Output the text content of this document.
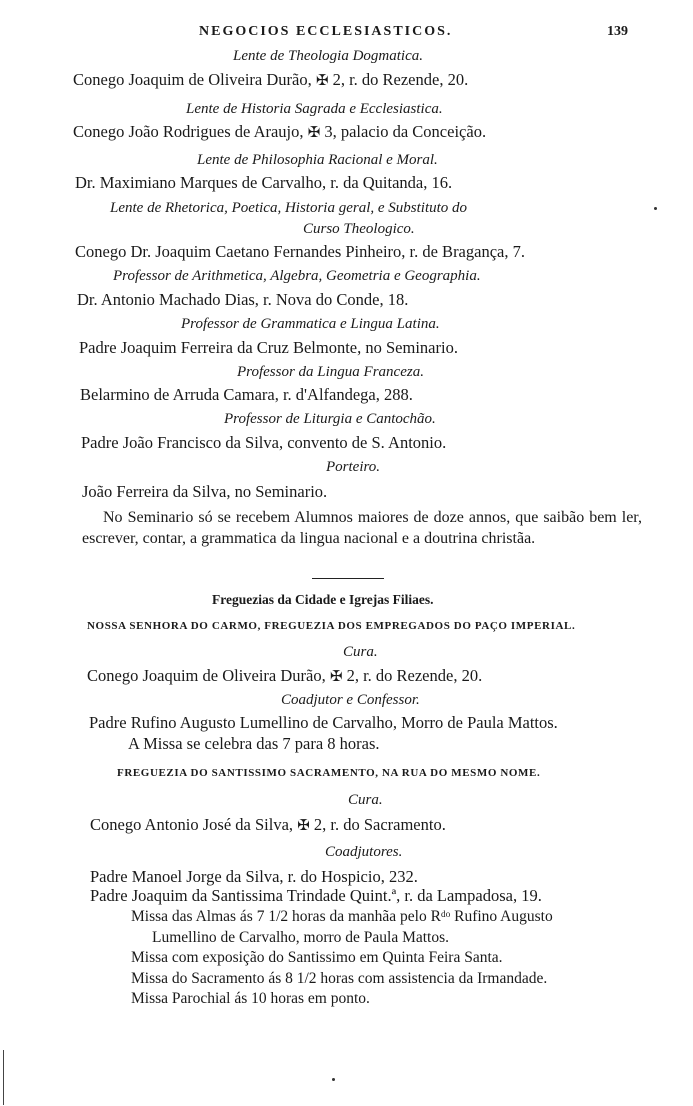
NEGOCIOS ECCLESIASTICOS.	139
Lente de Theologia Dogmatica.
Conego Joaquim de Oliveira Durão, ✠ 2, r. do Rezende, 20.
Lente de Historia Sagrada e Ecclesiastica.
Conego João Rodrigues de Araujo, ✠ 3, palacio da Conceição.
Lente de Philosophia Racional e Moral.
Dr. Maximiano Marques de Carvalho, r. da Quitanda, 16.
Lente de Rhetorica, Poetica, Historia geral, e Substituto do
Curso Theologico.
Conego Dr. Joaquim Caetano Fernandes Pinheiro, r. de Bragança, 7.
Professor de Arithmetica, Algebra, Geometria e Geographia.
Dr. Antonio Machado Dias, r. Nova do Conde, 18.
Professor de Grammatica e Lingua Latina.
Padre Joaquim Ferreira da Cruz Belmonte, no Seminario.
Professor da Lingua Franceza.
Belarmino de Arruda Camara, r. d'Alfandega, 288.
Professor de Liturgia e Cantochão.
Padre João Francisco da Silva, convento de S. Antonio.
Porteiro.
João Ferreira da Silva, no Seminario.
No Seminario só se recebem Alumnos maiores de doze annos, que saibão bem ler, escrever, contar, a grammatica da lingua nacional e a doutrina christãa.
Freguezias da Cidade e Igrejas Filiaes.
NOSSA SENHORA DO CARMO, FREGUEZIA DOS EMPREGADOS DO PAÇO IMPERIAL.
Cura.
Conego Joaquim de Oliveira Durão, ✠ 2, r. do Rezende, 20.
Coadjutor e Confessor.
Padre Rufino Augusto Lumellino de Carvalho, Morro de Paula Mattos.
A Missa se celebra das 7 para 8 horas.
FREGUEZIA DO SANTISSIMO SACRAMENTO, NA RUA DO MESMO NOME.
Cura.
Conego Antonio José da Silva, ✠ 2, r. do Sacramento.
Coadjutores.
Padre Manoel Jorge da Silva, r. do Hospicio, 232.
Padre Joaquim da Santissima Trindade Quint.ª, r. da Lampadosa, 19.
Missa das Almas ás 7 1/2 horas da manhãa pelo Rᵈᵒ Rufino Augusto
Lumellino de Carvalho, morro de Paula Mattos.
Missa com exposição do Santissimo em Quinta Feira Santa.
Missa do Sacramento ás 8 1/2 horas com assistencia da Irmandade.
Missa Parochial ás 10 horas em ponto.
